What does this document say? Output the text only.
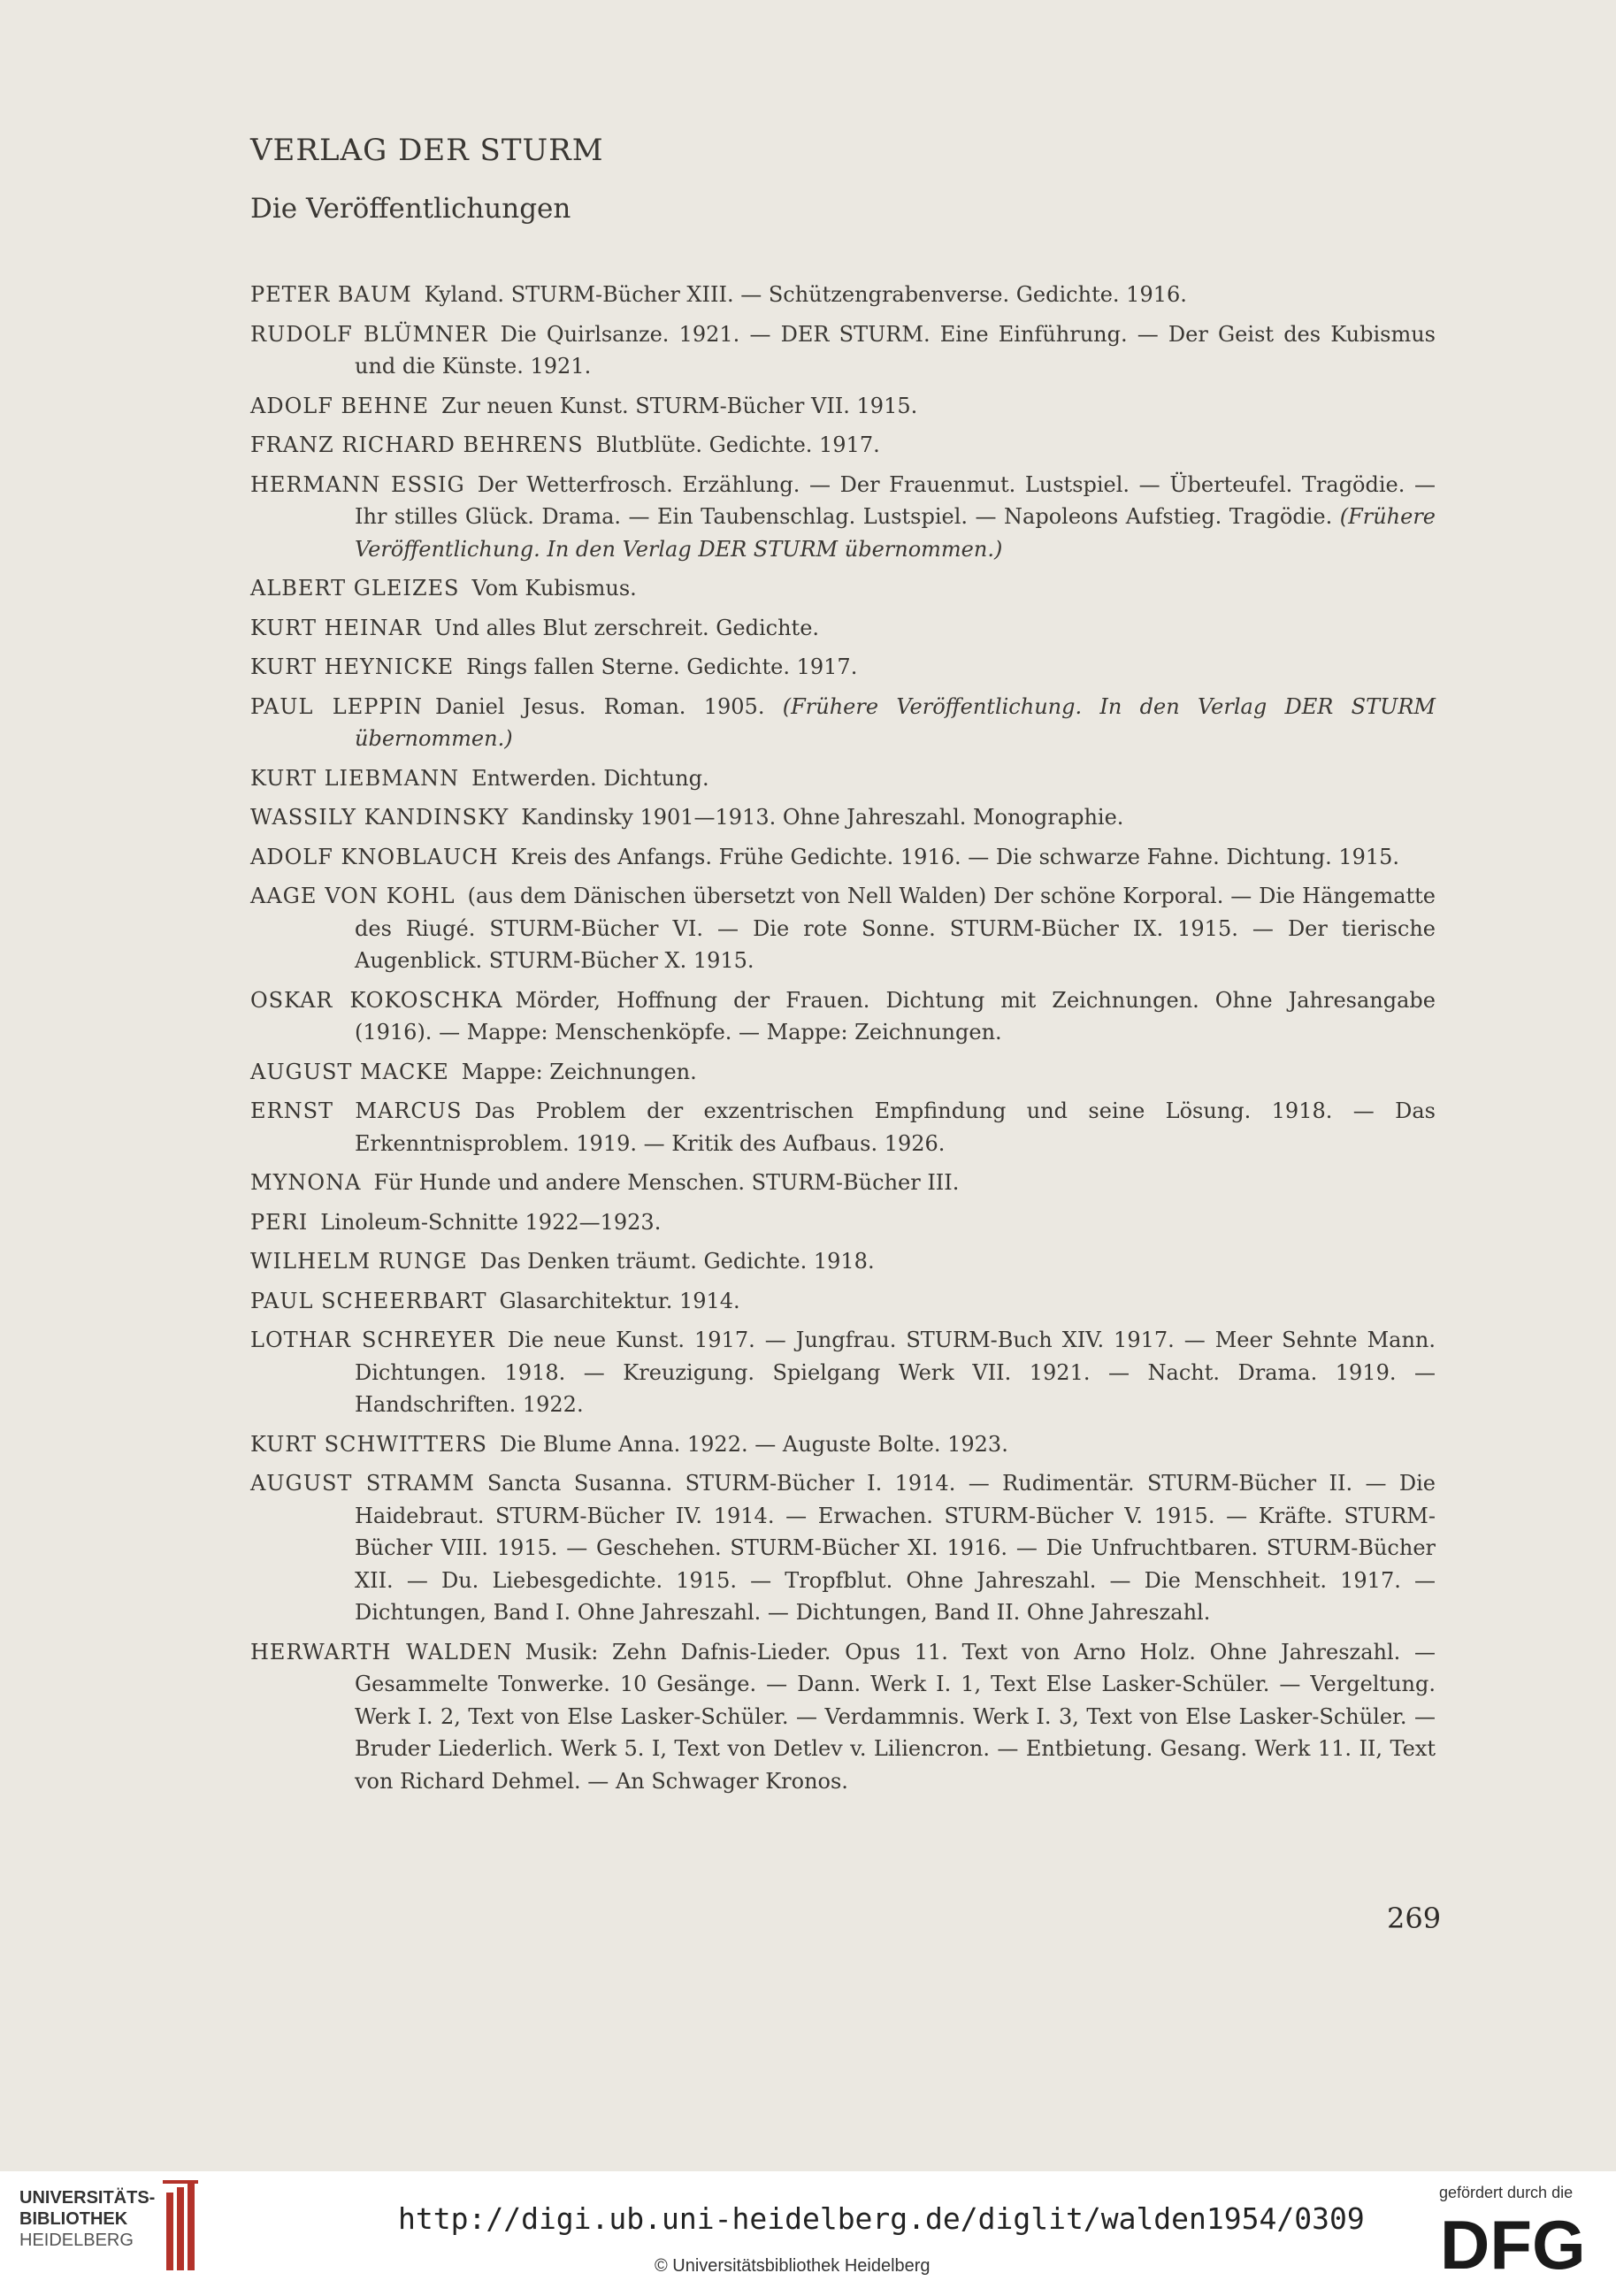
VERLAG DER STURM
Die Veröffentlichungen
PETER BAUM Kyland. STURM-Bücher XIII. — Schützengrabenverse. Gedichte. 1916.
RUDOLF BLÜMNER Die Quirlsanze. 1921. — DER STURM. Eine Einführung. — Der Geist des Kubismus und die Künste. 1921.
ADOLF BEHNE Zur neuen Kunst. STURM-Bücher VII. 1915.
FRANZ RICHARD BEHRENS Blutblüte. Gedichte. 1917.
HERMANN ESSIG Der Wetterfrosch. Erzählung. — Der Frauenmut. Lustspiel. — Überteufel. Tragödie. — Ihr stilles Glück. Drama. — Ein Taubenschlag. Lustspiel. — Napoleons Aufstieg. Tragödie. (Frühere Veröffentlichung. In den Verlag DER STURM übernommen.)
ALBERT GLEIZES Vom Kubismus.
KURT HEINAR Und alles Blut zerschreit. Gedichte.
KURT HEYNICKE Rings fallen Sterne. Gedichte. 1917.
PAUL LEPPIN Daniel Jesus. Roman. 1905. (Frühere Veröffentlichung. In den Verlag DER STURM übernommen.)
KURT LIEBMANN Entwerden. Dichtung.
WASSILY KANDINSKY Kandinsky 1901—1913. Ohne Jahreszahl. Monographie.
ADOLF KNOBLAUCH Kreis des Anfangs. Frühe Gedichte. 1916. — Die schwarze Fahne. Dichtung. 1915.
AAGE VON KOHL (aus dem Dänischen übersetzt von Nell Walden) Der schöne Korporal. — Die Hängematte des Riugé. STURM-Bücher VI. — Die rote Sonne. STURM-Bücher IX. 1915. — Der tierische Augenblick. STURM-Bücher X. 1915.
OSKAR KOKOSCHKA Mörder, Hoffnung der Frauen. Dichtung mit Zeichnungen. Ohne Jahresangabe (1916). — Mappe: Menschenköpfe. — Mappe: Zeichnungen.
AUGUST MACKE Mappe: Zeichnungen.
ERNST MARCUS Das Problem der exzentrischen Empfindung und seine Lösung. 1918. — Das Erkenntnisproblem. 1919. — Kritik des Aufbaus. 1926.
MYNONA Für Hunde und andere Menschen. STURM-Bücher III.
PERI Linoleum-Schnitte 1922—1923.
WILHELM RUNGE Das Denken träumt. Gedichte. 1918.
PAUL SCHEERBART Glasarchitektur. 1914.
LOTHAR SCHREYER Die neue Kunst. 1917. — Jungfrau. STURM-Buch XIV. 1917. — Meer Sehnte Mann. Dichtungen. 1918. — Kreuzigung. Spielgang Werk VII. 1921. — Nacht. Drama. 1919. — Handschriften. 1922.
KURT SCHWITTERS Die Blume Anna. 1922. — Auguste Bolte. 1923.
AUGUST STRAMM Sancta Susanna. STURM-Bücher I. 1914. — Rudimentär. STURM-Bücher II. — Die Haidebraut. STURM-Bücher IV. 1914. — Erwachen. STURM-Bücher V. 1915. — Kräfte. STURM-Bücher VIII. 1915. — Geschehen. STURM-Bücher XI. 1916. — Die Unfruchtbaren. STURM-Bücher XII. — Du. Liebesgedichte. 1915. — Tropfblut. Ohne Jahreszahl. — Die Menschheit. 1917. — Dichtungen, Band I. Ohne Jahreszahl. — Dichtungen, Band II. Ohne Jahreszahl.
HERWARTH WALDEN Musik: Zehn Dafnis-Lieder. Opus 11. Text von Arno Holz. Ohne Jahreszahl. — Gesammelte Tonwerke. 10 Gesänge. — Dann. Werk I. 1, Text Else Lasker-Schüler. — Vergeltung. Werk I. 2, Text von Else Lasker-Schüler. — Verdammnis. Werk I. 3, Text von Else Lasker-Schüler. — Bruder Liederlich. Werk 5. I, Text von Detlev v. Liliencron. — Entbietung. Gesang. Werk 11. II, Text von Richard Dehmel. — An Schwager Kronos.
269
UNIVERSITÄTS-
BIBLIOTHEK
HEIDELBERG
http://digi.ub.uni-heidelberg.de/diglit/walden1954/0309
© Universitätsbibliothek Heidelberg
gefördert durch die
DFG
